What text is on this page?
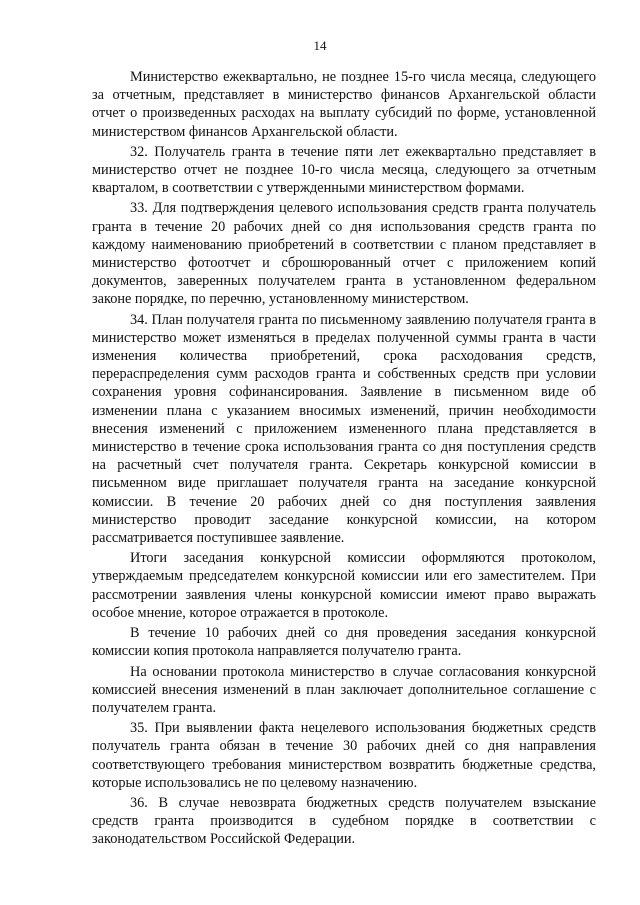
14

Министерство ежеквартально, не позднее 15-го числа месяца, следующего за отчетным, представляет в министерство финансов Архангельской области отчет о произведенных расходах на выплату субсидий по форме, установленной министерством финансов Архангельской области.

32. Получатель гранта в течение пяти лет ежеквартально представляет в министерство отчет не позднее 10-го числа месяца, следующего за отчетным кварталом, в соответствии с утвержденными министерством формами.

33. Для подтверждения целевого использования средств гранта получатель гранта в течение 20 рабочих дней со дня использования средств гранта по каждому наименованию приобретений в соответствии с планом представляет в министерство фотоотчет и сброшюрованный отчет с приложением копий документов, заверенных получателем гранта в установленном федеральном законе порядке, по перечню, установленному министерством.

34. План получателя гранта по письменному заявлению получателя гранта в министерство может изменяться в пределах полученной суммы гранта в части изменения количества приобретений, срока расходования средств, перераспределения сумм расходов гранта и собственных средств при условии сохранения уровня софинансирования. Заявление в письменном виде об изменении плана с указанием вносимых изменений, причин необходимости внесения изменений с приложением измененного плана представляется в министерство в течение срока использования гранта со дня поступления средств на расчетный счет получателя гранта. Секретарь конкурсной комиссии в письменном виде приглашает получателя гранта на заседание конкурсной комиссии. В течение 20 рабочих дней со дня поступления заявления министерство проводит заседание конкурсной комиссии, на котором рассматривается поступившее заявление.

Итоги заседания конкурсной комиссии оформляются протоколом, утверждаемым председателем конкурсной комиссии или его заместителем. При рассмотрении заявления члены конкурсной комиссии имеют право выражать особое мнение, которое отражается в протоколе.

В течение 10 рабочих дней со дня проведения заседания конкурсной комиссии копия протокола направляется получателю гранта.

На основании протокола министерство в случае согласования конкурсной комиссией внесения изменений в план заключает дополнительное соглашение с получателем гранта.

35. При выявлении факта нецелевого использования бюджетных средств получатель гранта обязан в течение 30 рабочих дней со дня направления соответствующего требования министерством возвратить бюджетные средства, которые использовались не по целевому назначению.

36. В случае невозврата бюджетных средств получателем взыскание средств гранта производится в судебном порядке в соответствии с законодательством Российской Федерации.
